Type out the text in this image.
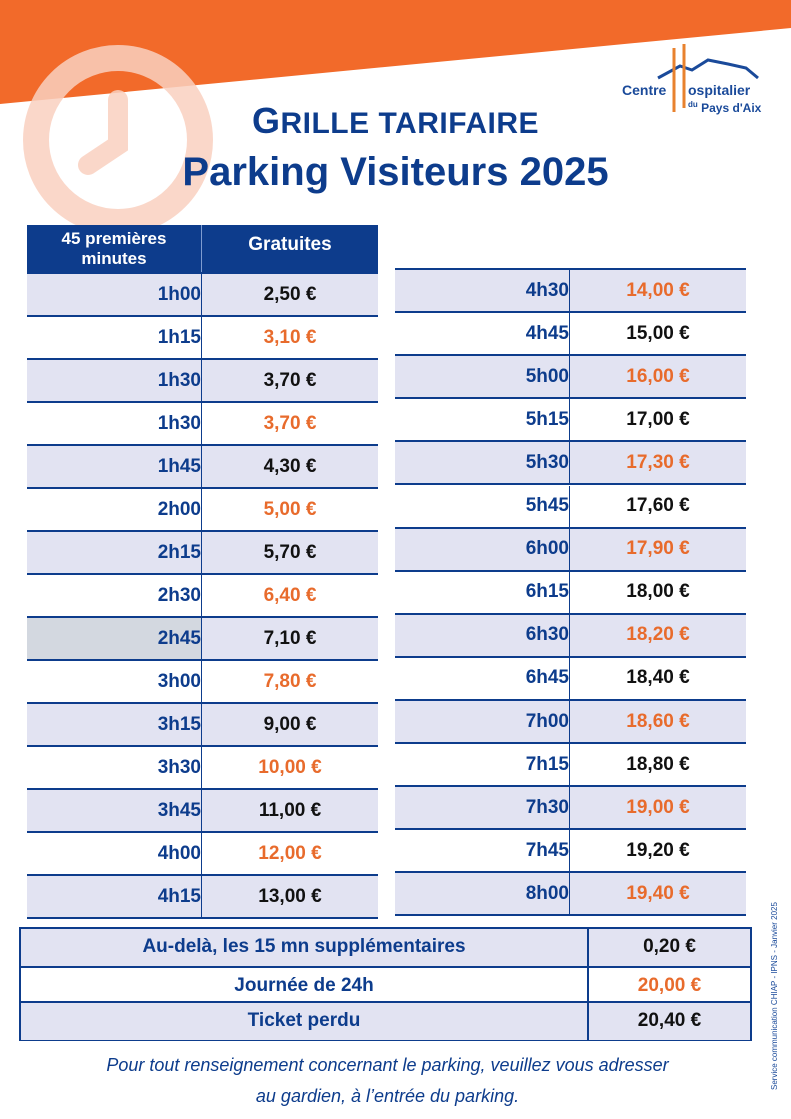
Centre ospitalier
$^{du}$ Pays d'Aix
GRILLE TARIFAIRE
Parking Visiteurs 2025
45 premières minutes
Gratuites
1h00	2,50 €
1h15	3,10 €
1h30	3,70 €
1h30	3,70 €
1h45	4,30 €
2h00	5,00 €
2h15	5,70 €
2h30	6,40 €
2h45	7,10 €
3h00	7,80 €
3h15	9,00 €
3h30	10,00 €
3h45	11,00 €
4h00	12,00 €
4h15	13,00 €
4h30	14,00 €
4h45	15,00 €
5h00	16,00 €
5h15	17,00 €
5h30	17,30 €
5h45	17,60 €
6h00	17,90 €
6h15	18,00 €
6h30	18,20 €
6h45	18,40 €
7h00	18,60 €
7h15	18,80 €
7h30	19,00 €
7h45	19,20 €
8h00	19,40 €
Au-delà, les 15 mn supplémentaires	0,20 €
Journée de 24h	20,00 €
Ticket perdu	20,40 €
Pour tout renseignement concernant le parking, veuillez vous adresser
au gardien, à l’entrée du parking.
Service communication CHIAP - IPNS - Janvier 2025
